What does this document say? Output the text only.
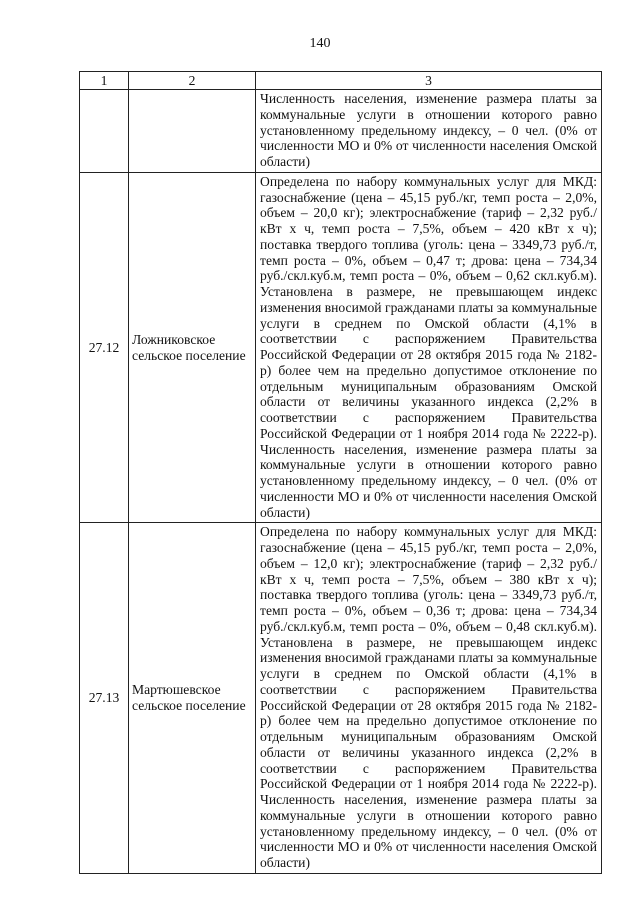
140
1	2	3
		Численность населения, изменение размера платы за коммунальные услуги в отношении которого равно установленному предельному индексу, – 0 чел. (0% от численности МО и 0% от численности населения Омской области)
27.12	Ложниковское сельское поселение	Определена по набору коммунальных услуг для МКД: газоснабжение (цена – 45,15 руб./кг, темп роста – 2,0%, объем – 20,0 кг); электроснабжение (тариф – 2,32 руб./кВт х ч, темп роста – 7,5%, объем – 420 кВт х ч); поставка твердого топлива (уголь: цена – 3349,73 руб./т, темп роста – 0%, объем – 0,47 т; дрова: цена – 734,34 руб./скл.куб.м, темп роста – 0%, объем – 0,62 скл.куб.м). Установлена в размере, не превышающем индекс изменения вносимой гражданами платы за коммунальные услуги в среднем по Омской области (4,1% в соответствии с распоряжением Правительства Российской Федерации от 28 октября 2015 года № 2182-р) более чем на предельно допустимое отклонение по отдельным муниципальным образованиям Омской области от величины указанного индекса (2,2% в соответствии с распоряжением Правительства Российской Федерации от 1 ноября 2014 года № 2222-р). Численность населения, изменение размера платы за коммунальные услуги в отношении которого равно установленному предельному индексу, – 0 чел. (0% от численности МО и 0% от численности населения Омской области)
27.13	Мартюшевское сельское поселение	Определена по набору коммунальных услуг для МКД: газоснабжение (цена – 45,15 руб./кг, темп роста – 2,0%, объем – 12,0 кг); электроснабжение (тариф – 2,32 руб./кВт х ч, темп роста – 7,5%, объем – 380 кВт х ч); поставка твердого топлива (уголь: цена – 3349,73 руб./т, темп роста – 0%, объем – 0,36 т; дрова: цена – 734,34 руб./скл.куб.м, темп роста – 0%, объем – 0,48 скл.куб.м). Установлена в размере, не превышающем индекс изменения вносимой гражданами платы за коммунальные услуги в среднем по Омской области (4,1% в соответствии с распоряжением Правительства Российской Федерации от 28 октября 2015 года № 2182-р) более чем на предельно допустимое отклонение по отдельным муниципальным образованиям Омской области от величины указанного индекса (2,2% в соответствии с распоряжением Правительства Российской Федерации от 1 ноября 2014 года № 2222-р). Численность населения, изменение размера платы за коммунальные услуги в отношении которого равно установленному предельному индексу, – 0 чел. (0% от численности МО и 0% от численности населения Омской области)
